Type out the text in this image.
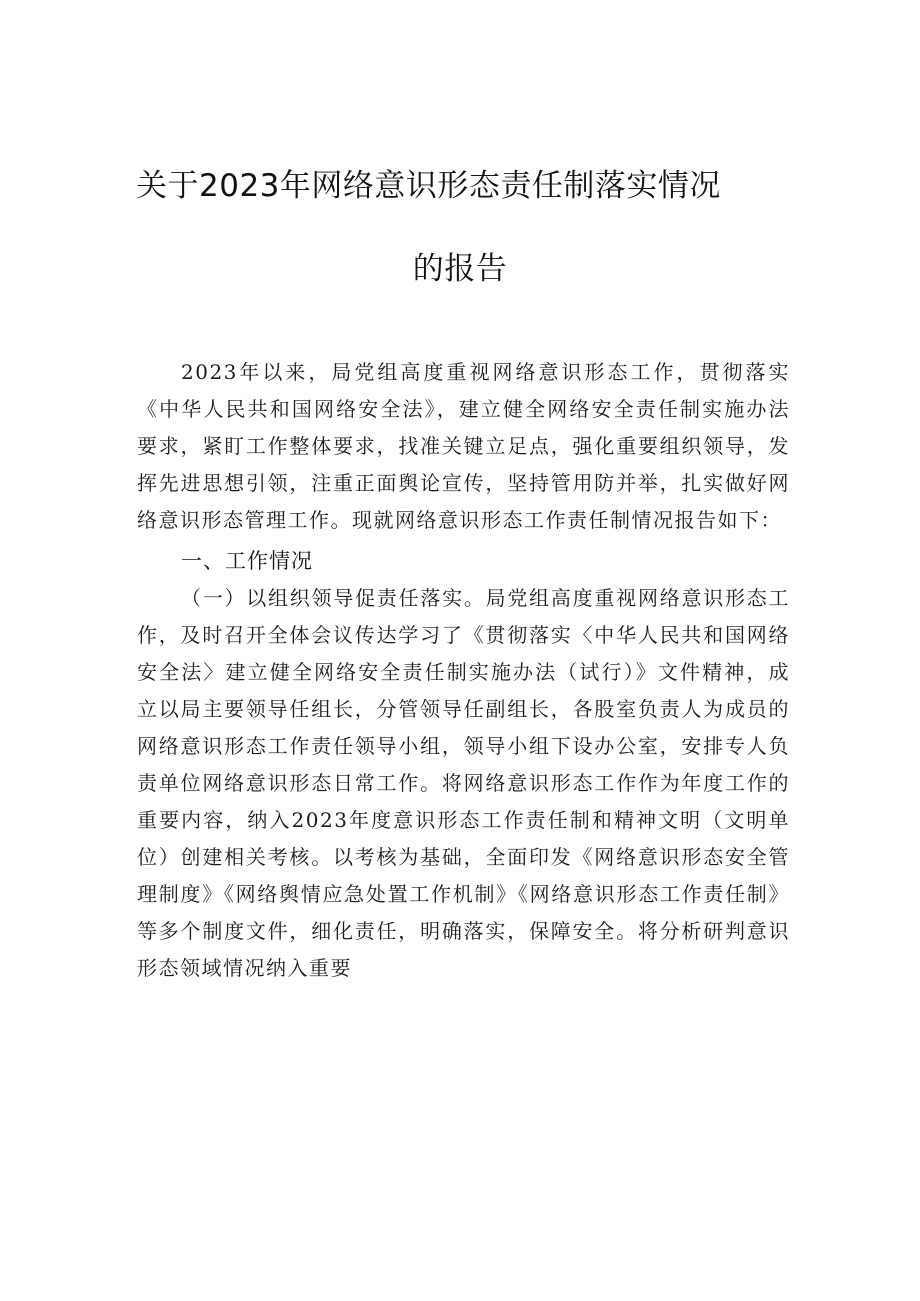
关于2023年网络意识形态责任制落实情况
的报告

2023年以来，局党组高度重视网络意识形态工作，贯彻落实《中华人民共和国网络安全法》，建立健全网络安全责任制实施办法要求，紧盯工作整体要求，找准关键立足点，强化重要组织领导，发挥先进思想引领，注重正面舆论宣传，坚持管用防并举，扎实做好网络意识形态管理工作。现就网络意识形态工作责任制情况报告如下：

一、工作情况

（一）以组织领导促责任落实。局党组高度重视网络意识形态工作，及时召开全体会议传达学习了《贯彻落实〈中华人民共和国网络安全法〉建立健全网络安全责任制实施办法（试行）》文件精神，成立以局主要领导任组长，分管领导任副组长，各股室负责人为成员的网络意识形态工作责任领导小组，领导小组下设办公室，安排专人负责单位网络意识形态日常工作。将网络意识形态工作作为年度工作的重要内容，纳入2023年度意识形态工作责任制和精神文明（文明单位）创建相关考核。以考核为基础，全面印发《网络意识形态安全管理制度》《网络舆情应急处置工作机制》《网络意识形态工作责任制》等多个制度文件，细化责任，明确落实，保障安全。将分析研判意识形态领域情况纳入重要
